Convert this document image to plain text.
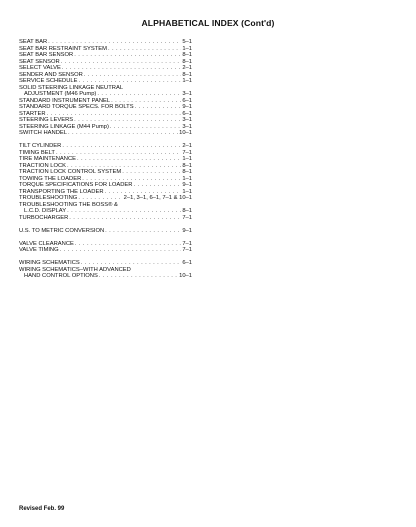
ALPHABETICAL INDEX (Cont'd)
SEAT BAR . . .	5–1
SEAT BAR RESTRAINT SYSTEM . . .	1–1
SEAT BAR SENSOR . . .	8–1
SEAT SENSOR . . .	8–1
SELECT VALVE . . .	2–1
SENDER AND SENSOR . . .	8–1
SERVICE SCHEDULE . . .	1–1
SOLID STEERING LINKAGE NEUTRAL
ADJUSTMENT (M46 Pump) . . .	3–1
STANDARD INSTRUMENT PANEL . . .	6–1
STANDARD TORQUE SPECS. FOR BOLTS . . .	9–1
STARTER . . .	6–1
STEERING LEVERS . . .	3–1
STEERING LINKAGE (M44 Pump) . . .	3–1
SWITCH HANDEL . . .	10–1
TILT CYLINDER . . .	2–1
TIMING BELT . . .	7–1
TIRE MAINTENANCE . . .	1–1
TRACTION LOCK . . .	8–1
TRACTION LOCK CONTROL SYSTEM . . .	8–1
TOWING THE LOADER . . .	1–1
TORQUE SPECIFICATIONS FOR LOADER . . .	9–1
TRANSPORTING THE LOADER . . .	1–1
TROUBLESHOOTING . . .	2–1, 3–1, 6–1, 7–1 & 10–1
TROUBLESHOOTING THE BOSS® &
L.C.D. DISPLAY . . .	8–1
TURBOCHARGER . . .	7–1
U.S. TO METRIC CONVERSION . . .	9–1
VALVE CLEARANCE . . .	7–1
VALVE TIMING . . .	7–1
WIRING SCHEMATICS . . .	6–1
WIRING SCHEMATICS–WITH ADVANCED
HAND CONTROL OPTIONS . . .	10–1
Revised Feb. 99
